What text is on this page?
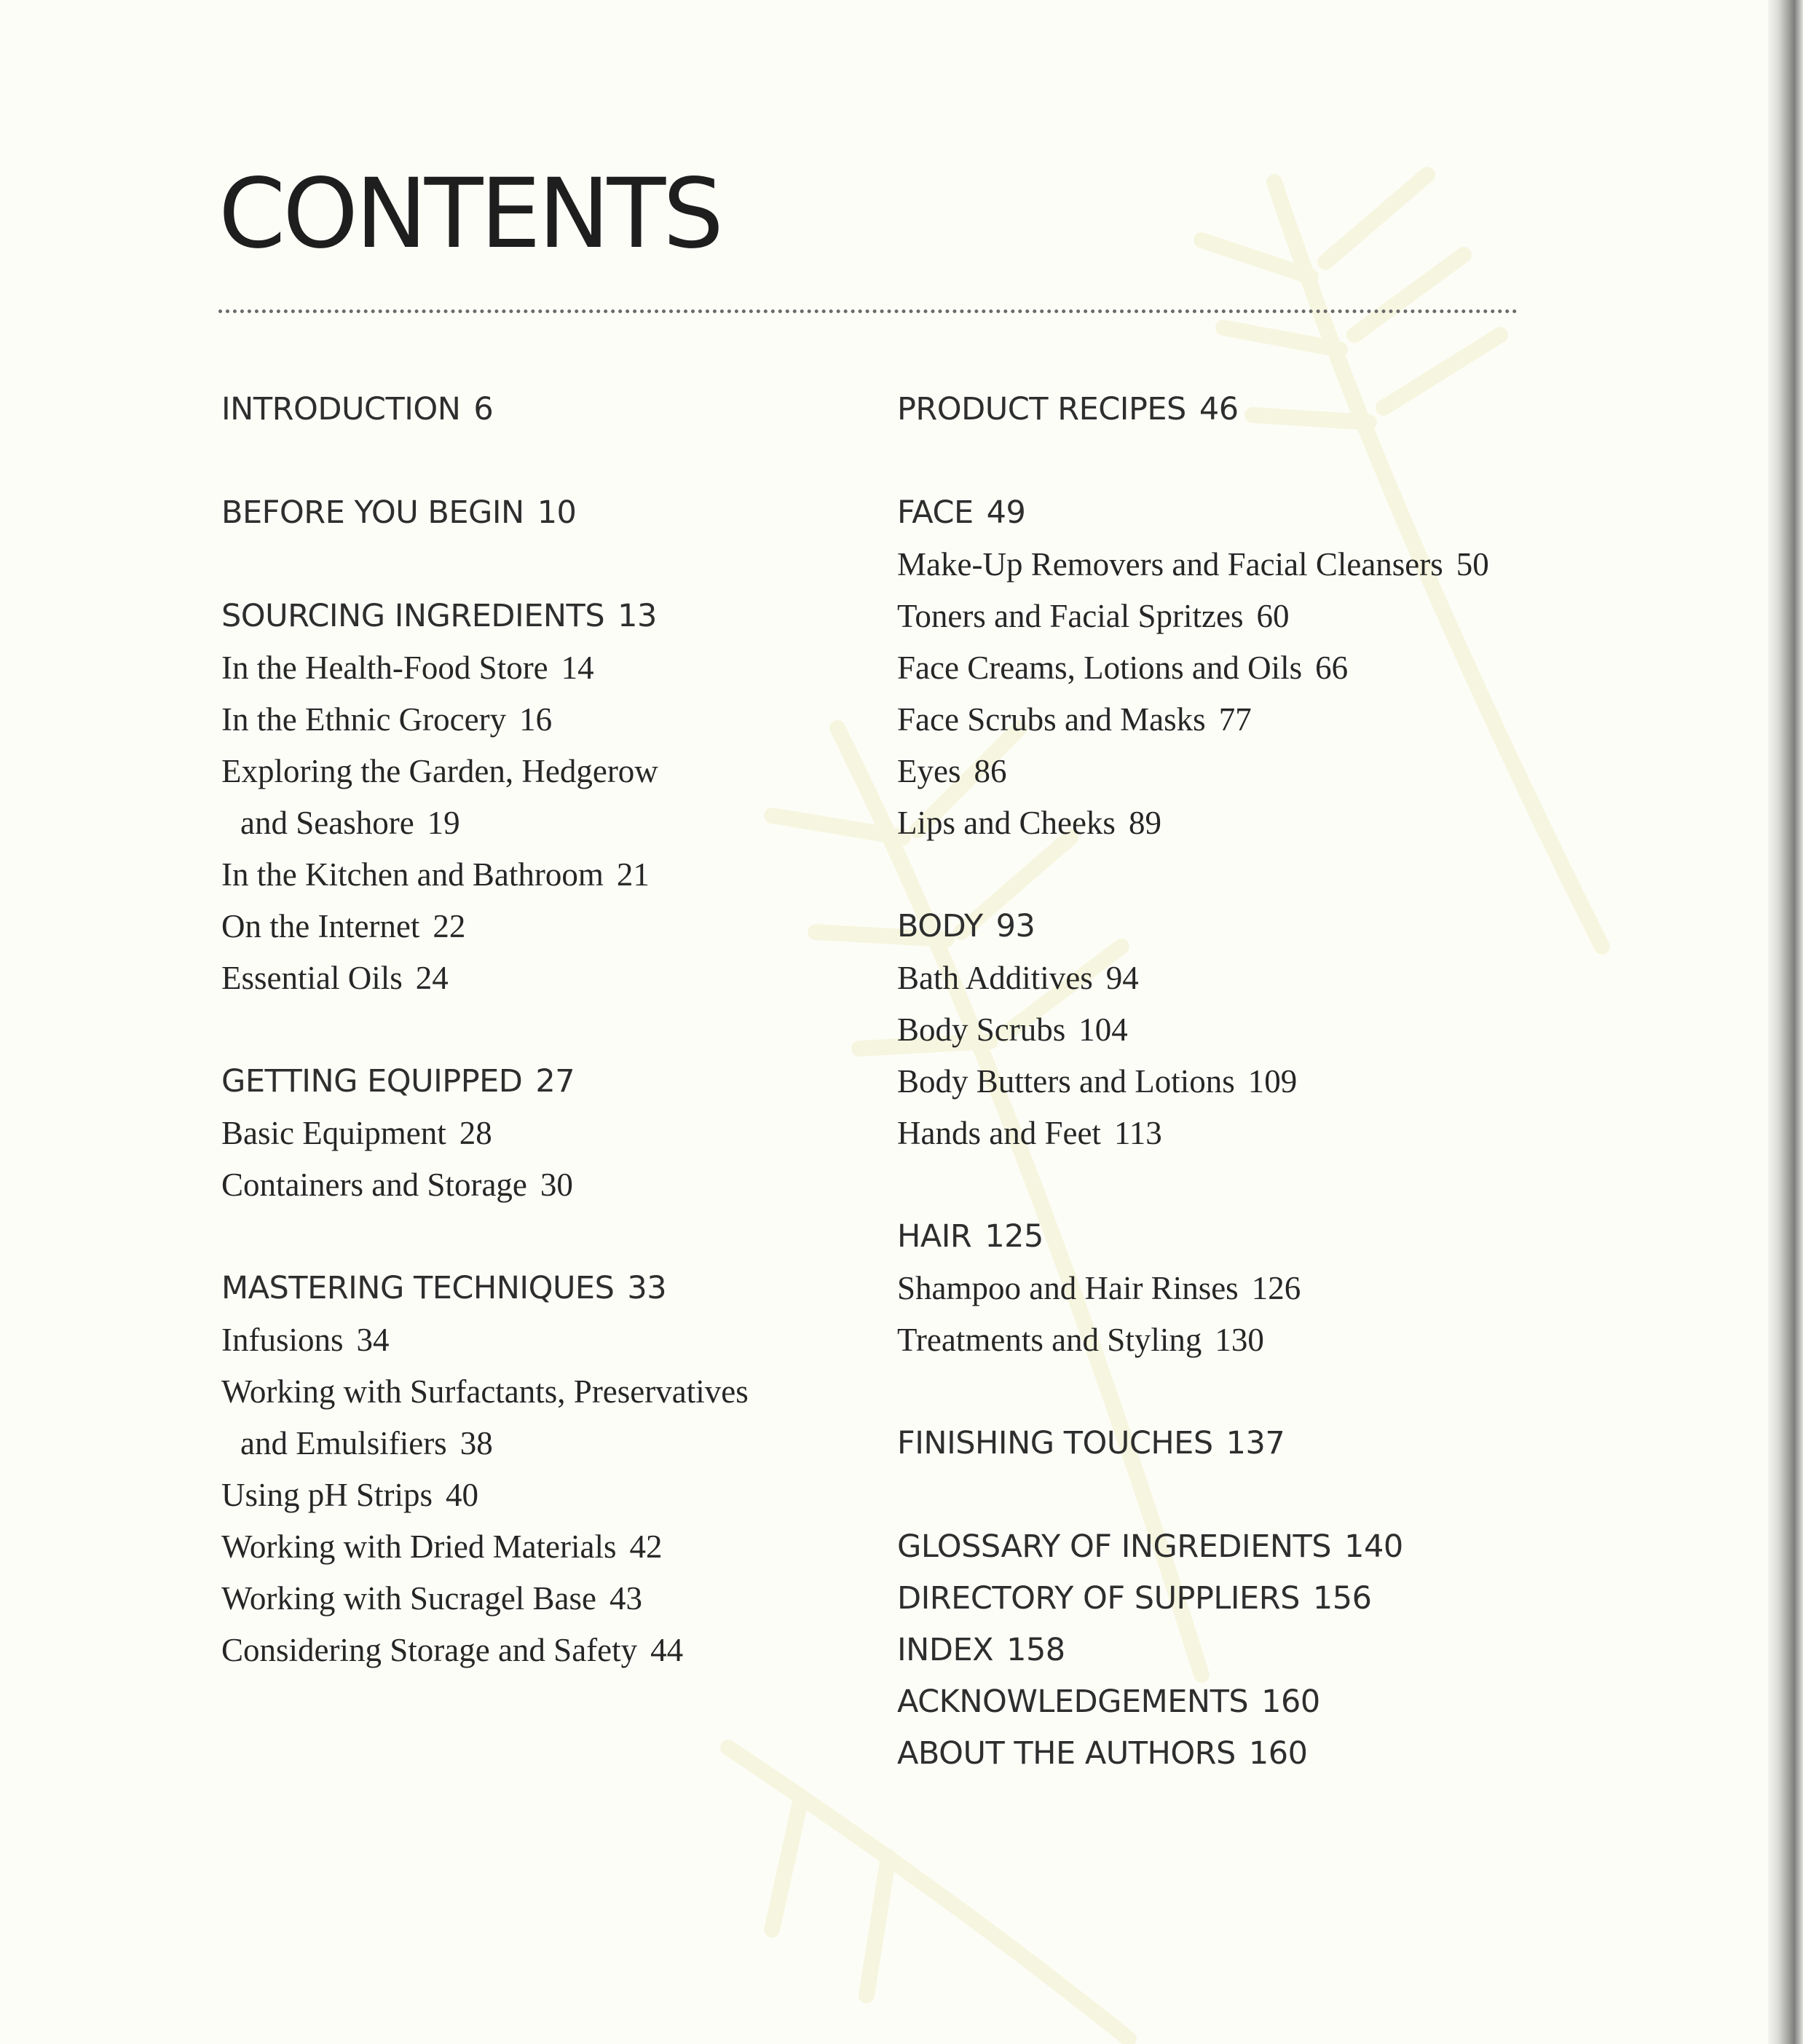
CONTENTS
INTRODUCTION 6
BEFORE YOU BEGIN 10
SOURCING INGREDIENTS 13
In the Health-Food Store 14
In the Ethnic Grocery 16
Exploring the Garden, Hedgerow
and Seashore 19
In the Kitchen and Bathroom 21
On the Internet 22
Essential Oils 24
GETTING EQUIPPED 27
Basic Equipment 28
Containers and Storage 30
MASTERING TECHNIQUES 33
Infusions 34
Working with Surfactants, Preservatives
and Emulsifiers 38
Using pH Strips 40
Working with Dried Materials 42
Working with Sucragel Base 43
Considering Storage and Safety 44
PRODUCT RECIPES 46
FACE 49
Make-Up Removers and Facial Cleansers 50
Toners and Facial Spritzes 60
Face Creams, Lotions and Oils 66
Face Scrubs and Masks 77
Eyes 86
Lips and Cheeks 89
BODY 93
Bath Additives 94
Body Scrubs 104
Body Butters and Lotions 109
Hands and Feet 113
HAIR 125
Shampoo and Hair Rinses 126
Treatments and Styling 130
FINISHING TOUCHES 137
GLOSSARY OF INGREDIENTS 140
DIRECTORY OF SUPPLIERS 156
INDEX 158
ACKNOWLEDGEMENTS 160
ABOUT THE AUTHORS 160
